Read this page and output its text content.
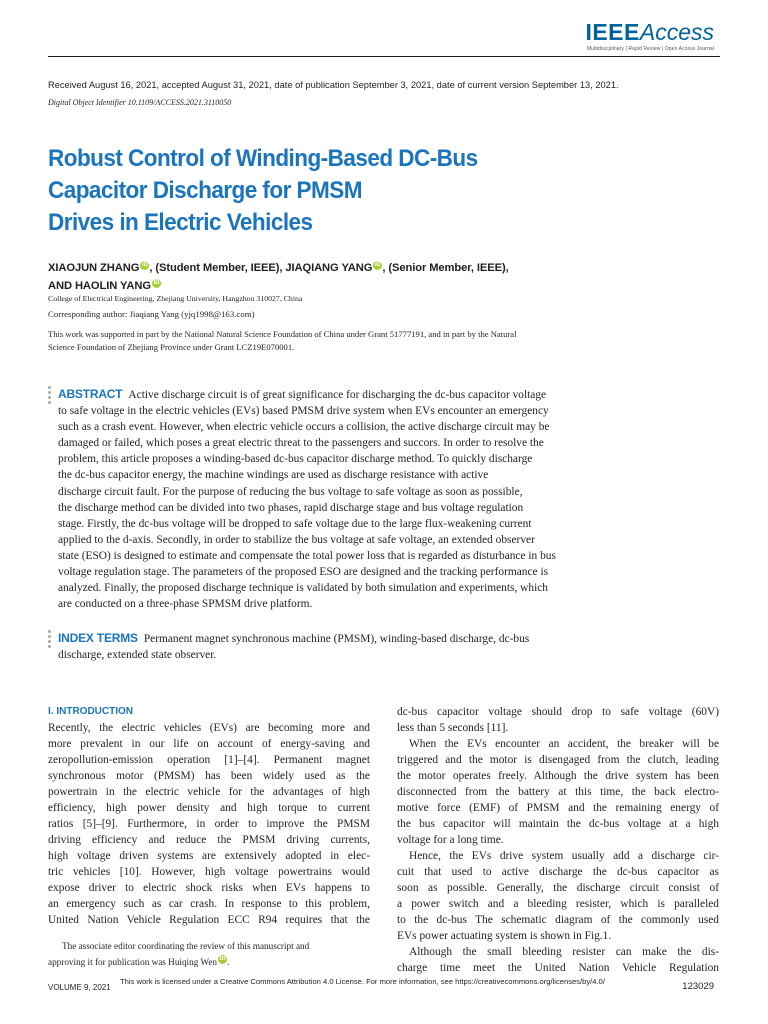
IEEEAccess
Multidisciplinary | Rapid Review | Open Access Journal
Received August 16, 2021, accepted August 31, 2021, date of publication September 3, 2021, date of current version September 13, 2021.
Digital Object Identifier 10.1109/ACCESS.2021.3110050
Robust Control of Winding-Based DC-Bus
Capacitor Discharge for PMSM
Drives in Electric Vehicles
XIAOJUN ZHANG iD , (Student Member, IEEE), JIAQIANG YANG iD , (Senior Member, IEEE),
AND HAOLIN YANG iD
College of Electrical Engineering, Zhejiang University, Hangzhou 310027, China
Corresponding author: Jiaqiang Yang (yjq1998@163.com)
This work was supported in part by the National Natural Science Foundation of China under Grant 51777191, and in part by the Natural
Science Foundation of Zhejiang Province under Grant LCZ19E070001.
ABSTRACT Active discharge circuit is of great significance for discharging the dc-bus capacitor voltage
to safe voltage in the electric vehicles (EVs) based PMSM drive system when EVs encounter an emergency
such as a crash event. However, when electric vehicle occurs a collision, the active discharge circuit may be
damaged or failed, which poses a great electric threat to the passengers and succors. In order to resolve the
problem, this article proposes a winding-based dc-bus capacitor discharge method. To quickly discharge
the dc-bus capacitor energy, the machine windings are used as discharge resistance with active
discharge circuit fault. For the purpose of reducing the bus voltage to safe voltage as soon as possible,
the discharge method can be divided into two phases, rapid discharge stage and bus voltage regulation
stage. Firstly, the dc-bus voltage will be dropped to safe voltage due to the large flux-weakening current
applied to the d-axis. Secondly, in order to stabilize the bus voltage at safe voltage, an extended observer
state (ESO) is designed to estimate and compensate the total power loss that is regarded as disturbance in bus
voltage regulation stage. The parameters of the proposed ESO are designed and the tracking performance is
analyzed. Finally, the proposed discharge technique is validated by both simulation and experiments, which
are conducted on a three-phase SPMSM drive platform.
INDEX TERMS Permanent magnet synchronous machine (PMSM), winding-based discharge, dc-bus
discharge, extended state observer.
I. INTRODUCTION
Recently, the electric vehicles (EVs) are becoming more and
more prevalent in our life on account of energy-saving and
zeropollution-emission operation [1]–[4]. Permanent magnet
synchronous motor (PMSM) has been widely used as the
powertrain in the electric vehicle for the advantages of high
efficiency, high power density and high torque to current
ratios [5]–[9]. Furthermore, in order to improve the PMSM
driving efficiency and reduce the PMSM driving currents,
high voltage driven systems are extensively adopted in elec-
tric vehicles [10]. However, high voltage powertrains would
expose driver to electric shock risks when EVs happens to
an emergency such as car crash. In response to this problem,
United Nation Vehicle Regulation ECC R94 requires that the
The associate editor coordinating the review of this manuscript and
approving it for publication was Huiqing Wen iD .
dc-bus capacitor voltage should drop to safe voltage (60V)
less than 5 seconds [11].
When the EVs encounter an accident, the breaker will be
triggered and the motor is disengaged from the clutch, leading
the motor operates freely. Although the drive system has been
disconnected from the battery at this time, the back electro-
motive force (EMF) of PMSM and the remaining energy of
the bus capacitor will maintain the dc-bus voltage at a high
voltage for a long time.
Hence, the EVs drive system usually add a discharge cir-
cuit that used to active discharge the dc-bus capacitor as
soon as possible. Generally, the discharge circuit consist of
a power switch and a bleeding resister, which is paralleled
to the dc-bus The schematic diagram of the commonly used
EVs power actuating system is shown in Fig.1.
Although the small bleeding resister can make the dis-
charge time meet the United Nation Vehicle Regulation
VOLUME 9, 2021
This work is licensed under a Creative Commons Attribution 4.0 License. For more information, see https://creativecommons.org/licenses/by/4.0/	123029
